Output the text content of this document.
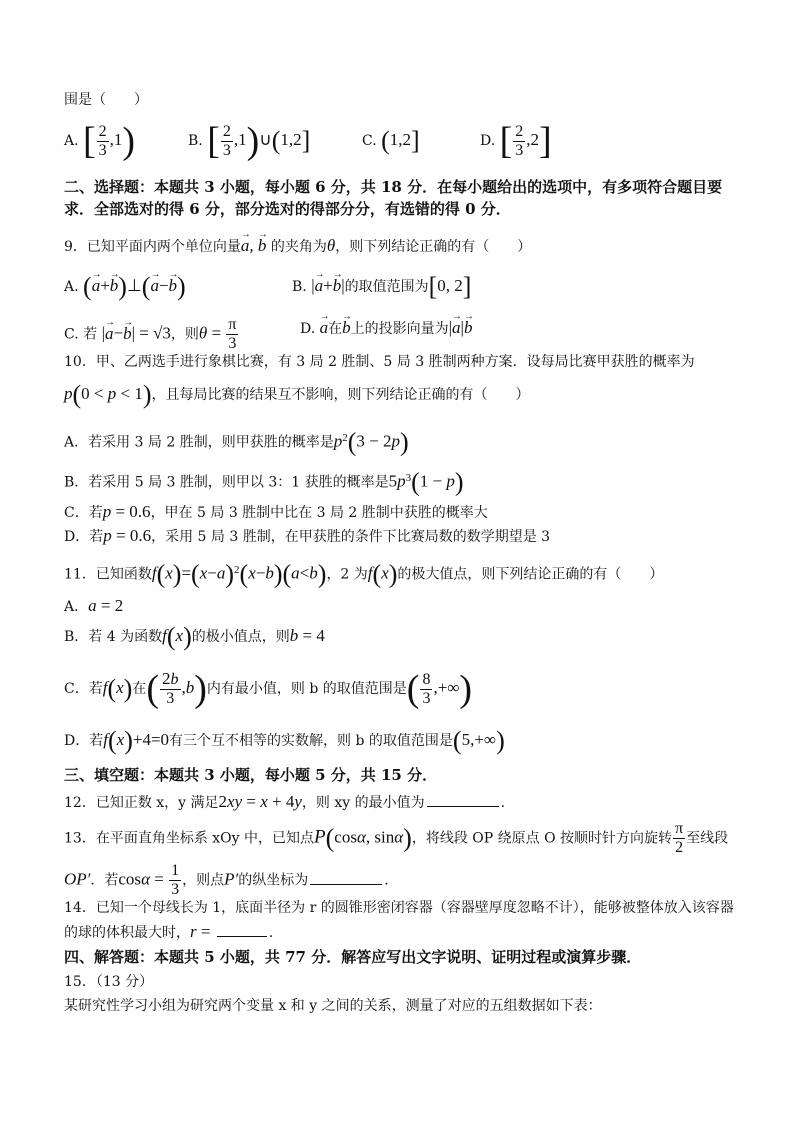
围是（　　）
A. [ $\frac{2}{3} ,1$)	B. [ $\frac{2}{3}$ ,1)∪(1,2]	C. (1,2]	D. [ $\frac{2}{3} ,2$]
二、选择题：本题共 3 小题，每小题 6 分，共 18 分．在每小题给出的选项中，有多项符合题目要求．全部选对的得 6 分，部分选对的得部分分，有选错的得 0 分．
9．已知平面内两个单位向量→ a, → b 的夹角为θ，则下列结论正确的有（　　）
A. (→ a+→ b)⊥(→ a−→ b)	B. |→ a+→ b|的取值范围为[0, 2]
C. 若 |→ a−→ b| = √3，则$\theta = \frac{\pi}{3}$	D. → a在→ b上的投影向量为|→ a|→ b
10．甲、乙两选手进行象棋比赛，有 3 局 2 胜制、5 局 3 胜制两种方案．设每局比赛甲获胜的概率为
p(0 < p < 1)，且每局比赛的结果互不影响，则下列结论正确的有（　　）
A．若采用 3 局 2 胜制，则甲获胜的概率是$p^2(3 - 2p)$
B．若采用 5 局 3 胜制，则甲以 3：1 获胜的概率是$5p^3(1 - p)$
C．若p = 0.6，甲在 5 局 3 胜制中比在 3 局 2 胜制中获胜的概率大
D．若p = 0.6，采用 5 局 3 胜制，在甲获胜的条件下比赛局数的数学期望是 3
11．已知函数$f(x)=(x-a)^2(x-b)(a<b)$，2 为f(x)的极大值点，则下列结论正确的有（　　）
A．a = 2
B．若 4 为函数f(x)的极小值点，则b = 4
C．若f(x)在( $\frac{2b}{3} ,b$)内有最小值，则 b 的取值范围是( $\frac{8}{3}$ ,+∞)
D．若f(x)+4=0有三个互不相等的实数解，则 b 的取值范围是(5,+∞)
三、填空题：本题共 3 小题，每小题 5 分，共 15 分．
12．已知正数 x，y 满足2xy = x + 4y，则 xy 的最小值为	.
13．在平面直角坐标系 xOy 中，已知点P(cosα, sinα)，将线段 OP 绕原点 O 按顺时针方向旋转 $\frac{\pi}{2}$ 至线段
OP′．若$\cos\alpha = \frac{1}{3}$ ，则点P′的纵坐标为	.
14．已知一个母线长为 1，底面半径为 r 的圆锥形密闭容器（容器壁厚度忽略不计），能够被整体放入该容器
的球的体积最大时，r =	.
四、解答题：本题共 5 小题，共 77 分．解答应写出文字说明、证明过程或演算步骤．
15．（13 分）
某研究性学习小组为研究两个变量 x 和 y 之间的关系，测量了对应的五组数据如下表：
